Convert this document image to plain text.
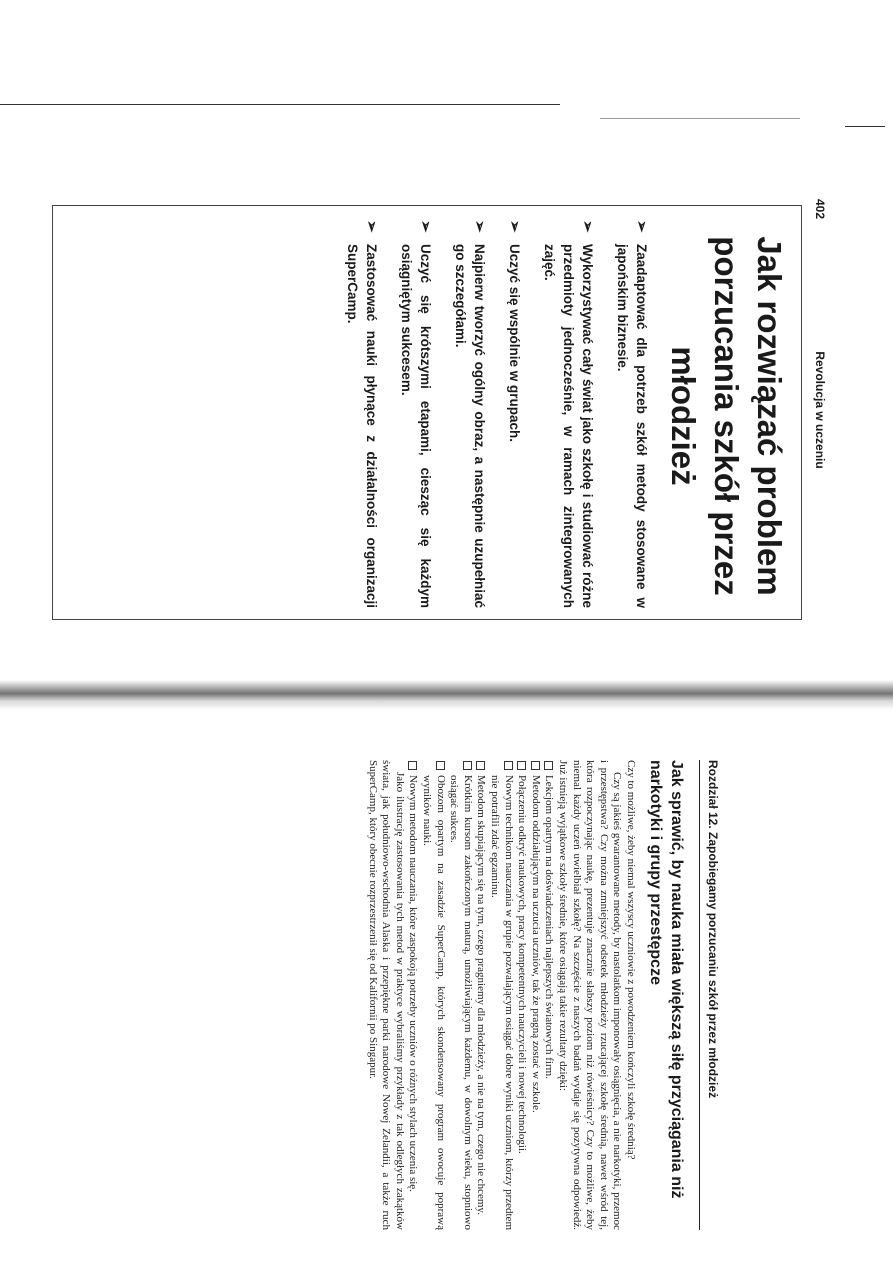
402
Revolucja w uczeniu
Jak rozwiązać problem porzucania szkół przez młodzież
➢
Zaadaptować dla potrzeb szkół metody stosowane w japońskim biznesie.
➢
Wykorzystywać cały świat jako szkołę i studiować różne przedmioty jednocześnie, w ramach zintegrowanych zajęć.
➢
Uczyć się wspólnie w grupach.
➢
Najpierw tworzyć ogólny obraz, a następnie uzupełniać go szczegółami.
➢
Uczyć się krótszymi etapami, ciesząc się każdym osiągniętym sukcesem.
➢
Zastosować nauki płynące z działalności organizacji SuperCamp.
Rozdział 12. Zapobiegamy porzucaniu szkół przez młodzież
Jak sprawić, by nauka miała większą siłę przyciągania niż narkotyki i grupy przestępcze

Czy to możliwe, żeby niemal wszyscy uczniowie z powodzeniem kończyli szkołę średnią?

Czy są jakieś gwarantowane metody, by nastolatkom imponowały osiągnięcia, a nie narkotyki, przemoc i przestępstwa? Czy można zmniejszyć odsetek młodzieży rzucającej szkołę średnią, nawet wśród tej, która rozpoczynając naukę, prezentuje znacznie słabszy poziom niż rówieśnicy? Czy to możliwe, żeby niemal każdy uczeń uwielbiał szkołę? Na szczęście z naszych badań wydaje się pozytywna odpowiedź. Już istnieją wyjątkowe szkoły średnie, które osiągają takie rezultaty dzięki:

Lekcjom opartym na doświadczeniach najlepszych światowych firm.
Metodom oddziałującym na uczucia uczniów, tak że pragną zostać w szkole.
Połączeniu odkryć naukowych, pracy kompetentnych nauczycieli i nowej technologii.
Nowym technikom nauczania w grupie pozwalającym osiągać dobre wyniki uczniom, którzy przedtem nie potrafili zdać egzaminu.
Metodom skupiającym się na tym, czego pragniemy dla młodzieży, a nie na tym, czego nie chcemy.
Krótkim kursom zakończonym maturą, umożliwiającym każdemu, w dowolnym wieku, stopniowo osiągać sukces.
Obozom opartym na zasadzie SuperCamp, których skondensowany program owocuje poprawą wyników nauki.
Nowym metodom nauczania, które zaspokoją potrzeby uczniów o różnych stylach uczenia się.

Jako ilustrację zastosowania tych metod w praktyce wybraliśmy przykłady z tak odległych zakątków świata, jak południowo-wschodnia Alaska i przepiękne parki narodowe Nowej Zelandii, a także ruch SuperCamp, który obecnie rozprzestrzenił się od Kalifornii po Singapur.
